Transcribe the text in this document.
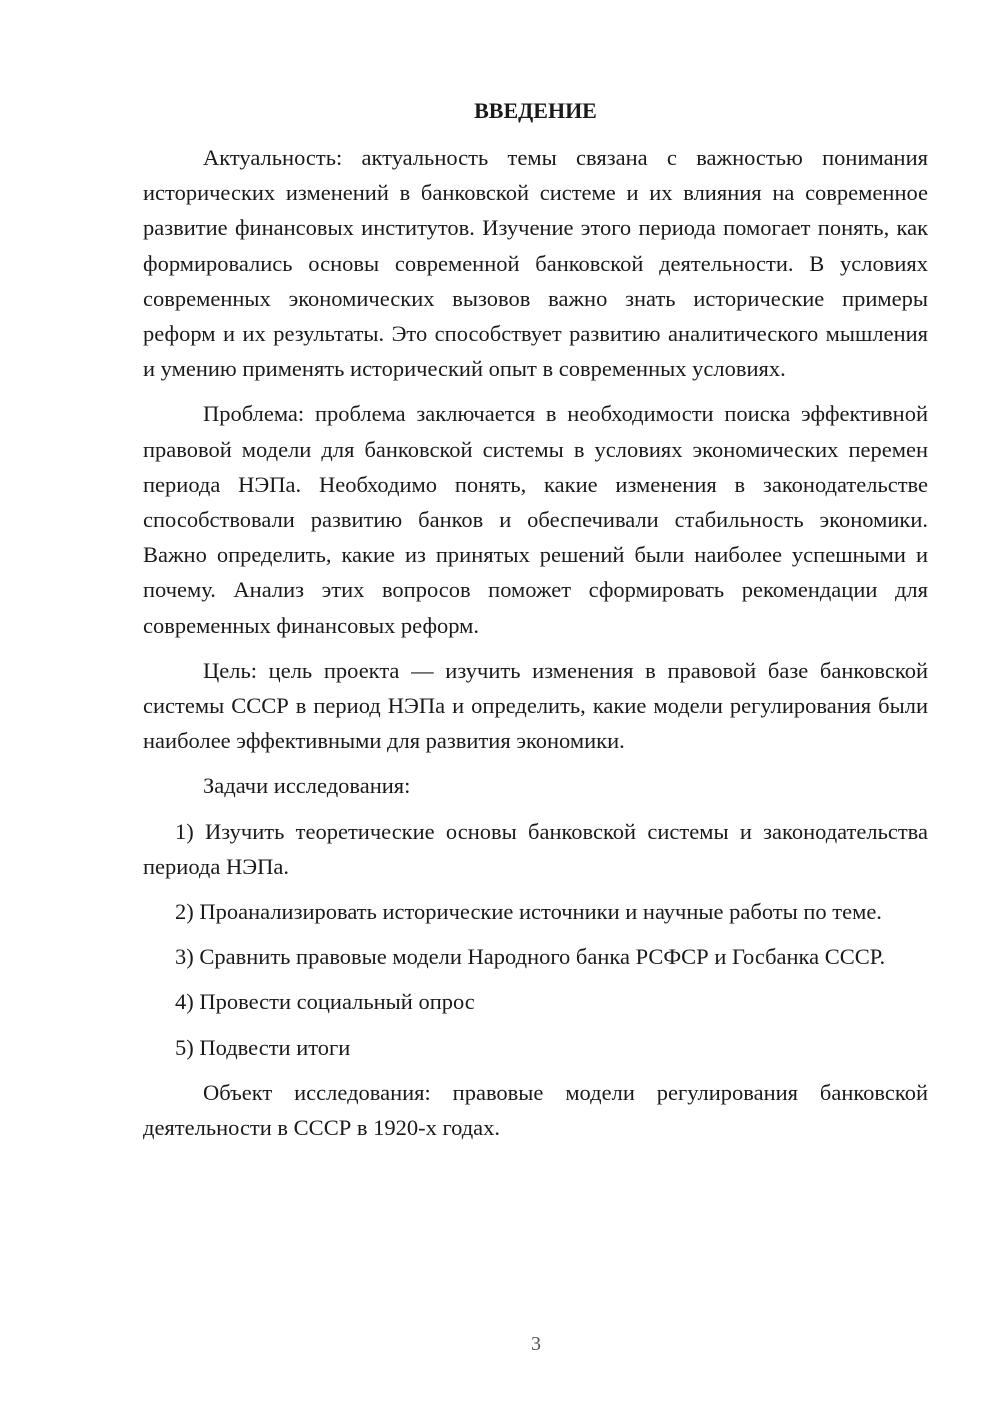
ВВЕДЕНИЕ

Актуальность: актуальность темы связана с важностью понимания исторических изменений в банковской системе и их влияния на современное развитие финансовых институтов. Изучение этого периода помогает понять, как формировались основы современной банковской деятельности. В условиях современных экономических вызовов важно знать исторические примеры реформ и их результаты. Это способствует развитию аналитического мышления и умению применять исторический опыт в современных условиях.

Проблема: проблема заключается в необходимости поиска эффективной правовой модели для банковской системы в условиях экономических перемен периода НЭПа. Необходимо понять, какие изменения в законодательстве способствовали развитию банков и обеспечивали стабильность экономики. Важно определить, какие из принятых решений были наиболее успешными и почему. Анализ этих вопросов поможет сформировать рекомендации для современных финансовых реформ.

Цель: цель проекта — изучить изменения в правовой базе банковской системы СССР в период НЭПа и определить, какие модели регулирования были наиболее эффективными для развития экономики.

Задачи исследования:

1) Изучить теоретические основы банковской системы и законодательства периода НЭПа.

2) Проанализировать исторические источники и научные работы по теме.

3) Сравнить правовые модели Народного банка РСФСР и Госбанка СССР.

4) Провести социальный опрос

5) Подвести итоги

Объект исследования: правовые модели регулирования банковской деятельности в СССР в 1920-х годах.

3
